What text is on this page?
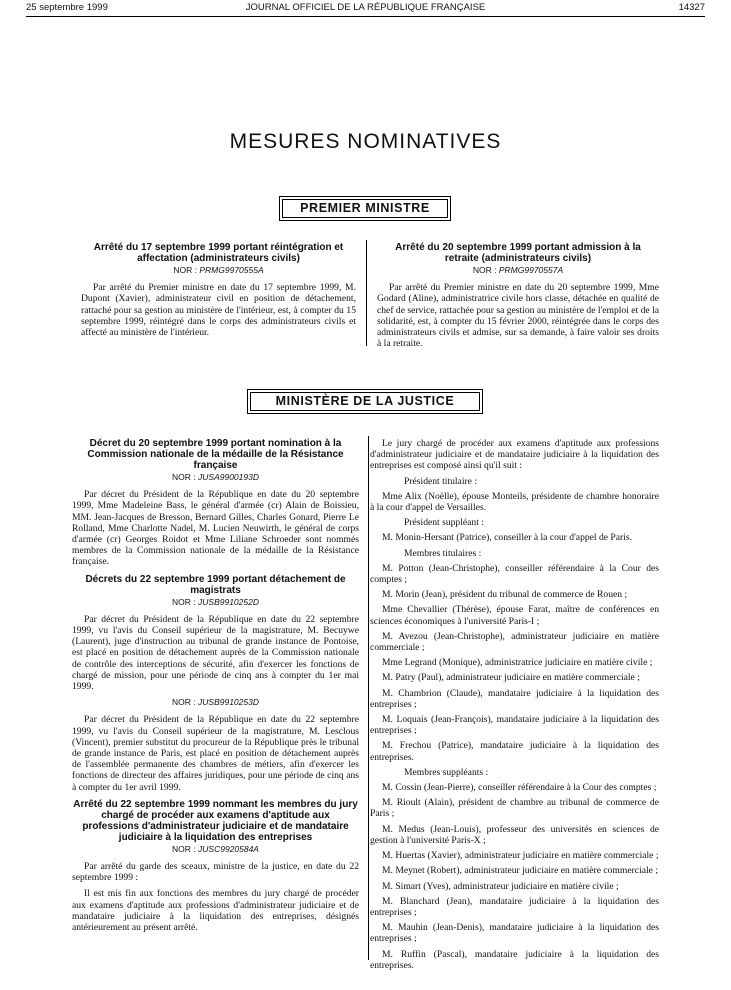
25 septembre 1999	JOURNAL OFFICIEL DE LA RÉPUBLIQUE FRANÇAISE	14327
MESURES NOMINATIVES
PREMIER MINISTRE

Arrêté du 17 septembre 1999 portant réintégration et affectation (administrateurs civils)

NOR : PRMG9970555A

Par arrêté du Premier ministre en date du 17 septembre 1999, M. Dupont (Xavier), administrateur civil en position de détachement, rattaché pour sa gestion au ministère de l'intérieur, est, à compter du 15 septembre 1999, réintégré dans le corps des administrateurs civils et affecté au ministère de l'intérieur.

Arrêté du 20 septembre 1999 portant admission à la retraite (administrateurs civils)

NOR : PRMG9970557A

Par arrêté du Premier ministre en date du 20 septembre 1999, Mme Godard (Aline), administratrice civile hors classe, détachée en qualité de chef de service, rattachée pour sa gestion au ministère de l'emploi et de la solidarité, est, à compter du 15 février 2000, réintégrée dans le corps des administrateurs civils et admise, sur sa demande, à faire valoir ses droits à la retraite.

MINISTÈRE DE LA JUSTICE

Décret du 20 septembre 1999 portant nomination à la Commission nationale de la médaille de la Résistance française

NOR : JUSA9900193D

Par décret du Président de la République en date du 20 septembre 1999, Mme Madeleine Bass, le général d'armée (cr) Alain de Boissieu, MM. Jean-Jacques de Bresson, Bernard Gilles, Charles Gonard, Pierre Le Rolland, Mme Charlotte Nadel, M. Lucien Neuwirth, le général de corps d'armée (cr) Georges Roidot et Mme Liliane Schroeder sont nommés membres de la Commission nationale de la médaille de la Résistance française.

Décrets du 22 septembre 1999 portant détachement de magistrats

NOR : JUSB9910252D

Par décret du Président de la République en date du 22 septembre 1999, vu l'avis du Conseil supérieur de la magistrature, M. Becuywe (Laurent), juge d'instruction au tribunal de grande instance de Pontoise, est placé en position de détachement auprès de la Commission nationale de contrôle des interceptions de sécurité, afin d'exercer les fonctions de chargé de mission, pour une période de cinq ans à compter du 1er mai 1999.

NOR : JUSB9910253D

Par décret du Président de la République en date du 22 septembre 1999, vu l'avis du Conseil supérieur de la magistrature, M. Lesclous (Vincent), premier substitut du procureur de la République près le tribunal de grande instance de Paris, est placé en position de détachement auprès de l'assemblée permanente des chambres de métiers, afin d'exercer les fonctions de directeur des affaires juridiques, pour une période de cinq ans à compter du 1er avril 1999.

Arrêté du 22 septembre 1999 nommant les membres du jury chargé de procéder aux examens d'aptitude aux professions d'administrateur judiciaire et de mandataire judiciaire à la liquidation des entreprises

NOR : JUSC9920584A

Par arrêté du garde des sceaux, ministre de la justice, en date du 22 septembre 1999 :

Il est mis fin aux fonctions des membres du jury chargé de procéder aux examens d'aptitude aux professions d'administrateur judiciaire et de mandataire judiciaire à la liquidation des entreprises, désignés antérieurement au présent arrêté.

Le jury chargé de procéder aux examens d'aptitude aux professions d'administrateur judiciaire et de mandataire judiciaire à la liquidation des entreprises est composé ainsi qu'il suit :

Président titulaire :

Mme Alix (Noëlle), épouse Monteils, présidente de chambre honoraire à la cour d'appel de Versailles.

Président suppléant :

M. Monin-Hersant (Patrice), conseiller à la cour d'appel de Paris.

Membres titulaires :

M. Potton (Jean-Christophe), conseiller référendaire à la Cour des comptes ;

M. Morin (Jean), président du tribunal de commerce de Rouen ;

Mme Chevallier (Thérèse), épouse Farat, maître de conférences en sciences économiques à l'université Paris-I ;

M. Avezou (Jean-Christophe), administrateur judiciaire en matière commerciale ;

Mme Legrand (Monique), administratrice judiciaire en matière civile ;

M. Patry (Paul), administrateur judiciaire en matière commerciale ;

M. Chambrion (Claude), mandataire judiciaire à la liquidation des entreprises ;

M. Loquais (Jean-François), mandataire judiciaire à la liquidation des entreprises ;

M. Frechou (Patrice), mandataire judiciaire à la liquidation des entreprises.

Membres suppléants :

M. Cossin (Jean-Pierre), conseiller référendaire à la Cour des comptes ;

M. Rioult (Alain), président de chambre au tribunal de commerce de Paris ;

M. Medus (Jean-Louis), professeur des universités en sciences de gestion à l'université Paris-X ;

M. Huertas (Xavier), administrateur judiciaire en matière commerciale ;

M. Meynet (Robert), administrateur judiciaire en matière commerciale ;

M. Simart (Yves), administrateur judiciaire en matière civile ;

M. Blanchard (Jean), mandataire judiciaire à la liquidation des entreprises ;

M. Mauhin (Jean-Denis), mandataire judiciaire à la liquidation des entreprises ;

M. Ruffin (Pascal), mandataire judiciaire à la liquidation des entreprises.
